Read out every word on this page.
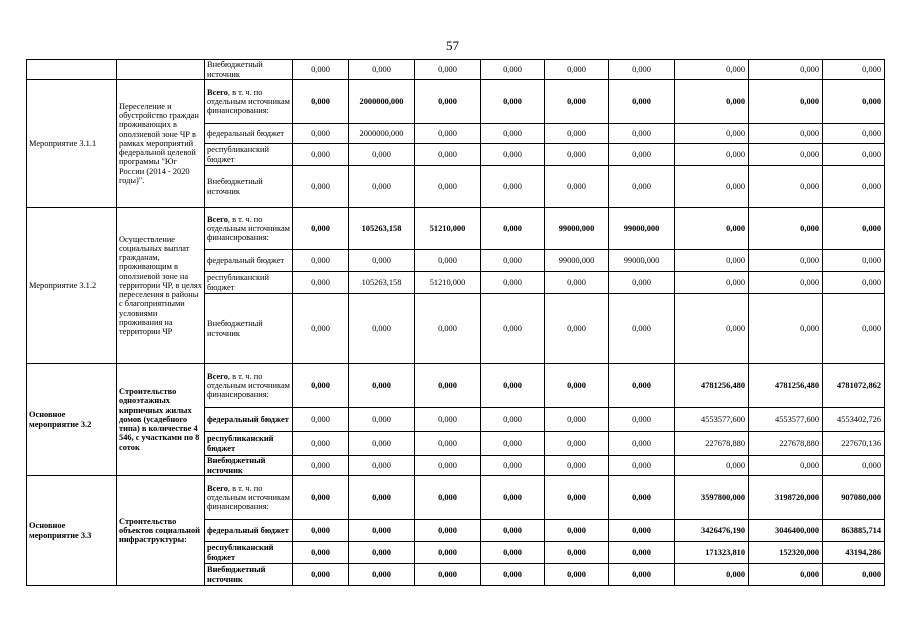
57
		Внебюджетный источник	0,000	0,000	0,000	0,000	0,000	0,000	0,000	0,000	0,000
Мероприятие 3.1.1	Переселение и обустройство граждан проживающих в оползневой зоне ЧР в рамках мероприятий федеральной целевой программы "Юг России (2014 - 2020 годы)".	Всего, в т. ч. по отдельным источникам финансирования:	0,000	2000000,000	0,000	0,000	0,000	0,000	0,000	0,000	0,000
		федеральный бюджет	0,000	2000000,000	0,000	0,000	0,000	0,000	0,000	0,000	0,000
		республиканский бюджет	0,000	0,000	0,000	0,000	0,000	0,000	0,000	0,000	0,000
		Внебюджетный источник	0,000	0,000	0,000	0,000	0,000	0,000	0,000	0,000	0,000
Мероприятие 3.1.2	Осуществление социальных выплат гражданам, проживающим в оползневой зоне на территории ЧР, в целях переселения в районы с благоприятными условиями проживания на территории ЧР	Всего, в т. ч. по отдельным источникам финансирования:	0,000	105263,158	51210,000	0,000	99000,000	99000,000	0,000	0,000	0,000
		федеральный бюджет	0,000	0,000	0,000	0,000	99000,000	99000,000	0,000	0,000	0,000
		республиканский бюджет	0,000	105263,158	51210,000	0,000	0,000	0,000	0,000	0,000	0,000
		Внебюджетный источник	0,000	0,000	0,000	0,000	0,000	0,000	0,000	0,000	0,000
Основное мероприятие 3.2	Строительство одноэтажных кирпичных жилых домов (усадебного типа) в количестве 4 546, с участками по 8 соток	Всего, в т. ч. по отдельным источникам финансирования:	0,000	0,000	0,000	0,000	0,000	0,000	4781256,480	4781256,480	4781072,862
		федеральный бюджет	0,000	0,000	0,000	0,000	0,000	0,000	4553577,600	4553577,600	4553402,726
		республиканский бюджет	0,000	0,000	0,000	0,000	0,000	0,000	227678,880	227678,880	227670,136
		Внебюджетный источник	0,000	0,000	0,000	0,000	0,000	0,000	0,000	0,000	0,000
Основное мероприятие 3.3	Строительство объектов социальной инфраструктуры:	Всего, в т. ч. по отдельным источникам финансирования:	0,000	0,000	0,000	0,000	0,000	0,000	3597800,000	3198720,000	907080,000
		федеральный бюджет	0,000	0,000	0,000	0,000	0,000	0,000	3426476,190	3046400,000	863885,714
		республиканский бюджет	0,000	0,000	0,000	0,000	0,000	0,000	171323,810	152320,000	43194,286
		Внебюджетный источник	0,000	0,000	0,000	0,000	0,000	0,000	0,000	0,000	0,000
